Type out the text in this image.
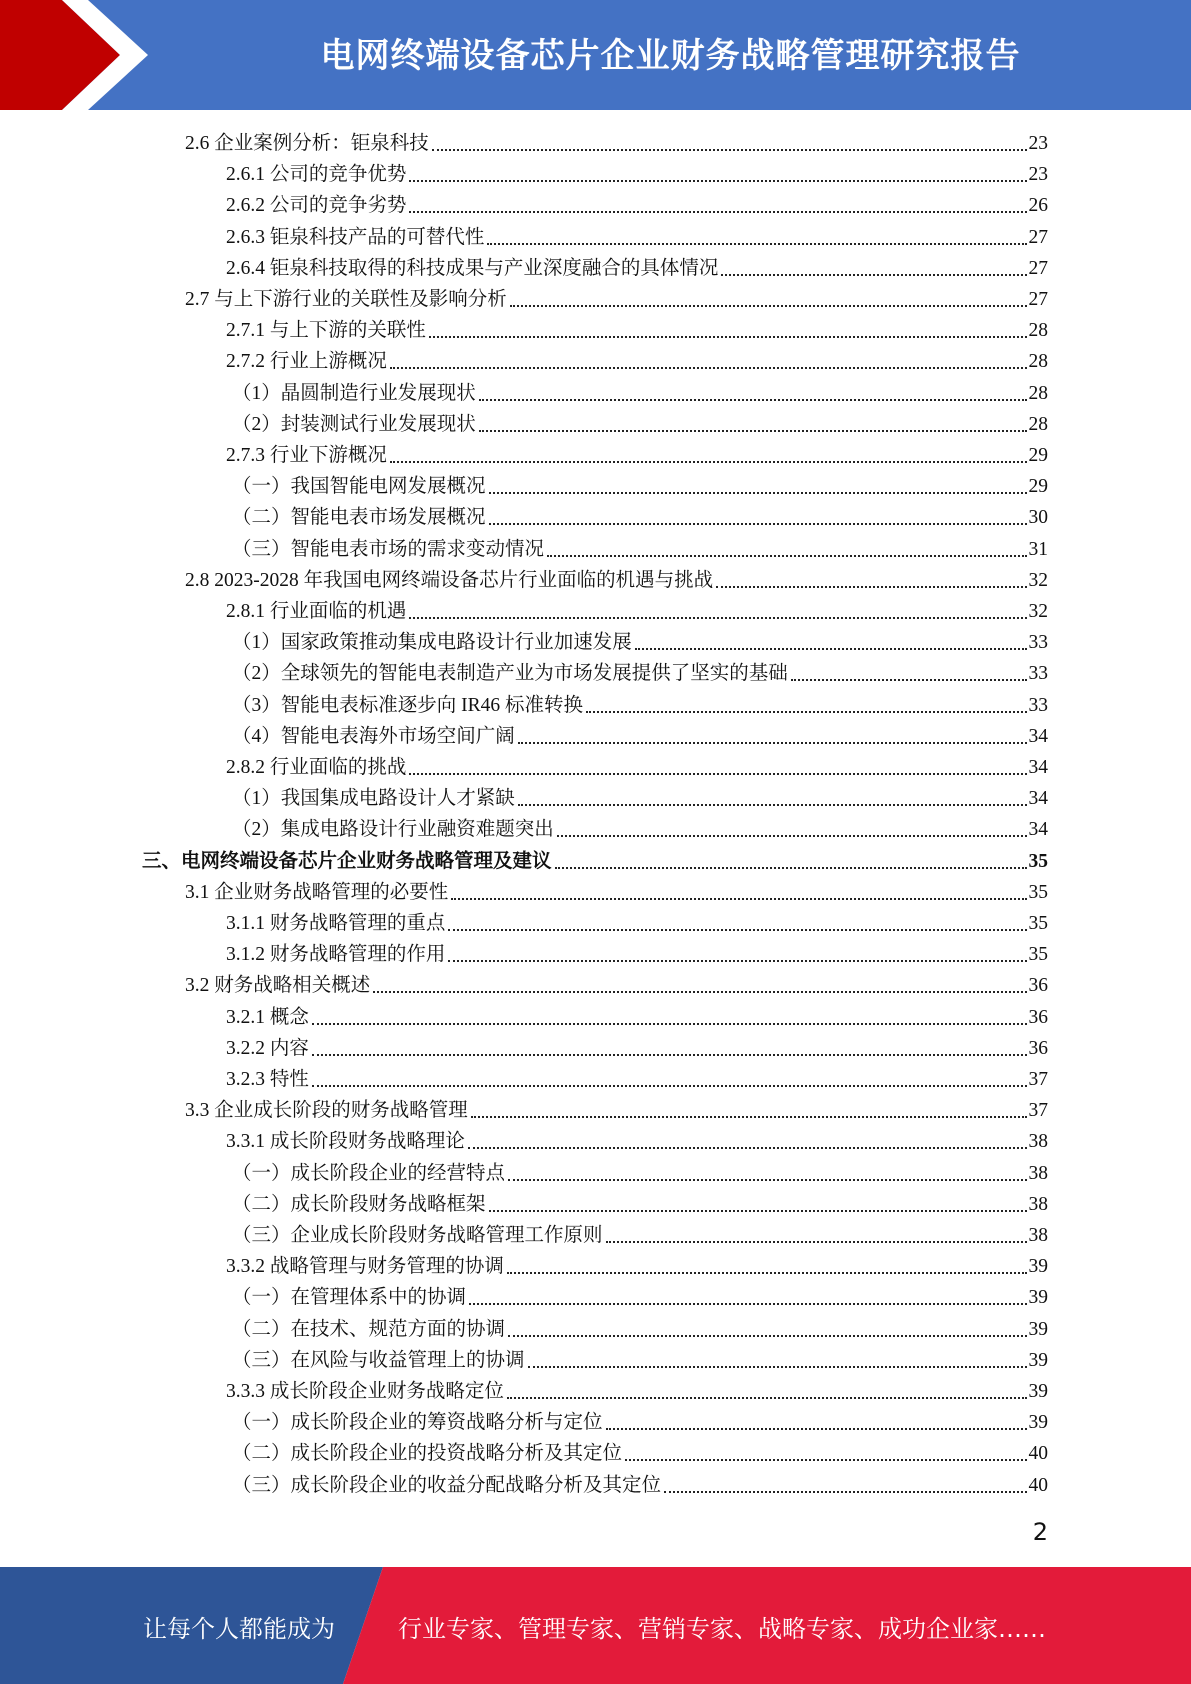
电网终端设备芯片企业财务战略管理研究报告
2.6 企业案例分析：钜泉科技	23
2.6.1 公司的竞争优势	23
2.6.2 公司的竞争劣势	26
2.6.3 钜泉科技产品的可替代性	27
2.6.4 钜泉科技取得的科技成果与产业深度融合的具体情况	27
2.7 与上下游行业的关联性及影响分析	27
2.7.1 与上下游的关联性	28
2.7.2 行业上游概况	28
（1）晶圆制造行业发展现状	28
（2）封装测试行业发展现状	28
2.7.3 行业下游概况	29
（一）我国智能电网发展概况	29
（二）智能电表市场发展概况	30
（三）智能电表市场的需求变动情况	31
2.8 2023-2028 年我国电网终端设备芯片行业面临的机遇与挑战	32
2.8.1 行业面临的机遇	32
（1）国家政策推动集成电路设计行业加速发展	33
（2）全球领先的智能电表制造产业为市场发展提供了坚实的基础	33
（3）智能电表标准逐步向 IR46 标准转换	33
（4）智能电表海外市场空间广阔	34
2.8.2 行业面临的挑战	34
（1）我国集成电路设计人才紧缺	34
（2）集成电路设计行业融资难题突出	34
三、电网终端设备芯片企业财务战略管理及建议	35
3.1 企业财务战略管理的必要性	35
3.1.1 财务战略管理的重点	35
3.1.2 财务战略管理的作用	35
3.2 财务战略相关概述	36
3.2.1 概念	36
3.2.2 内容	36
3.2.3 特性	37
3.3 企业成长阶段的财务战略管理	37
3.3.1 成长阶段财务战略理论	38
（一）成长阶段企业的经营特点	38
（二）成长阶段财务战略框架	38
（三）企业成长阶段财务战略管理工作原则	38
3.3.2 战略管理与财务管理的协调	39
（一）在管理体系中的协调	39
（二）在技术、规范方面的协调	39
（三）在风险与收益管理上的协调	39
3.3.3 成长阶段企业财务战略定位	39
（一）成长阶段企业的筹资战略分析与定位	39
（二）成长阶段企业的投资战略分析及其定位	40
（三）成长阶段企业的收益分配战略分析及其定位	40
2
让每个人都能成为	行业专家、管理专家、营销专家、战略专家、成功企业家……
